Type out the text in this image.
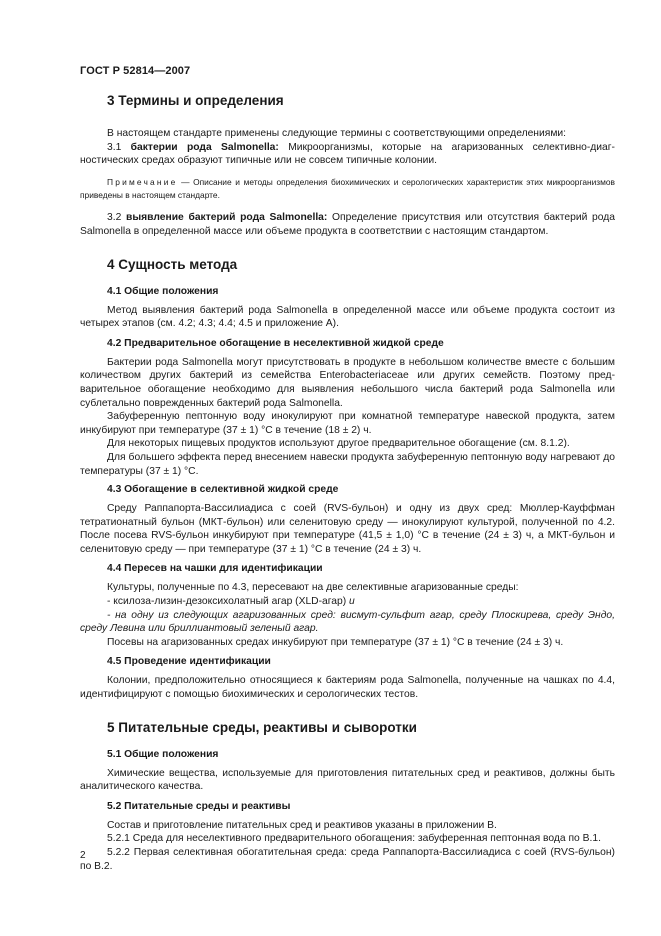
ГОСТ Р 52814—2007
3 Термины и определения

В настоящем стандарте применены следующие термины с соответствующими определениями:

3.1 бактерии рода Salmonella: Микроорганизмы, которые на агаризованных селективно-диагностических средах образуют типичные или не совсем типичные колонии.

Примечание — Описание и методы определения биохимических и серологических характеристик этих микроорганизмов приведены в настоящем стандарте.

3.2 выявление бактерий рода Salmonella: Определение присутствия или отсутствия бактерий рода Salmonella в определенной массе или объеме продукта в соответствии с настоящим стандартом.

4 Сущность метода
4.1 Общие положения

Метод выявления бактерий рода Salmonella в определенной массе или объеме продукта состоит из четырех этапов (см. 4.2; 4.3; 4.4; 4.5 и приложение А).

4.2 Предварительное обогащение в неселективной жидкой среде

Бактерии рода Salmonella могут присутствовать в продукте в небольшом количестве вместе с большим количеством других бактерий из семейства Enterobacteriaceae или других семейств. Поэтому предварительное обогащение необходимо для выявления небольшого числа бактерий рода Salmonella или сублетально поврежденных бактерий рода Salmonella.

Забуференную пептонную воду инокулируют при комнатной температуре навеской продукта, затем инкубируют при температуре (37 ± 1) °С в течение (18 ± 2) ч.

Для некоторых пищевых продуктов используют другое предварительное обогащение (см. 8.1.2).

Для большего эффекта перед внесением навески продукта забуференную пептонную воду нагревают до температуры (37 ± 1) °С.

4.3 Обогащение в селективной жидкой среде

Среду Раппапорта-Вассилиадиса с соей (RVS-бульон) и одну из двух сред: Мюллер-Кауффман тетратионатный бульон (МКТ-бульон) или селенитовую среду — инокулируют культурой, полученной по 4.2. После посева RVS-бульон инкубируют при температуре (41,5 ± 1,0) °С в течение (24 ± 3) ч, а МКТ-бульон и селенитовую среду — при температуре (37 ± 1) °С в течение (24 ± 3) ч.

4.4 Пересев на чашки для идентификации

Культуры, полученные по 4.3, пересевают на две селективные агаризованные среды:

- ксилоза-лизин-дезоксихолатный агар (XLD-агар) и

- на одну из следующих агаризованных сред: висмут-сульфит агар, среду Плоскирева, среду Эндо, среду Левина или бриллиантовый зеленый агар.

Посевы на агаризованных средах инкубируют при температуре (37 ± 1) °С в течение (24 ± 3) ч.

4.5 Проведение идентификации

Колонии, предположительно относящиеся к бактериям рода Salmonella, полученные на чашках по 4.4, идентифицируют с помощью биохимических и серологических тестов.

5 Питательные среды, реактивы и сыворотки
5.1 Общие положения

Химические вещества, используемые для приготовления питательных сред и реактивов, должны быть аналитического качества.

5.2 Питательные среды и реактивы

Состав и приготовление питательных сред и реактивов указаны в приложении В.

5.2.1 Среда для неселективного предварительного обогащения: забуференная пептонная вода по В.1.

5.2.2 Первая селективная обогатительная среда: среда Раппапорта-Вассилиадиса с соей (RVS-бульон) по В.2.

2
